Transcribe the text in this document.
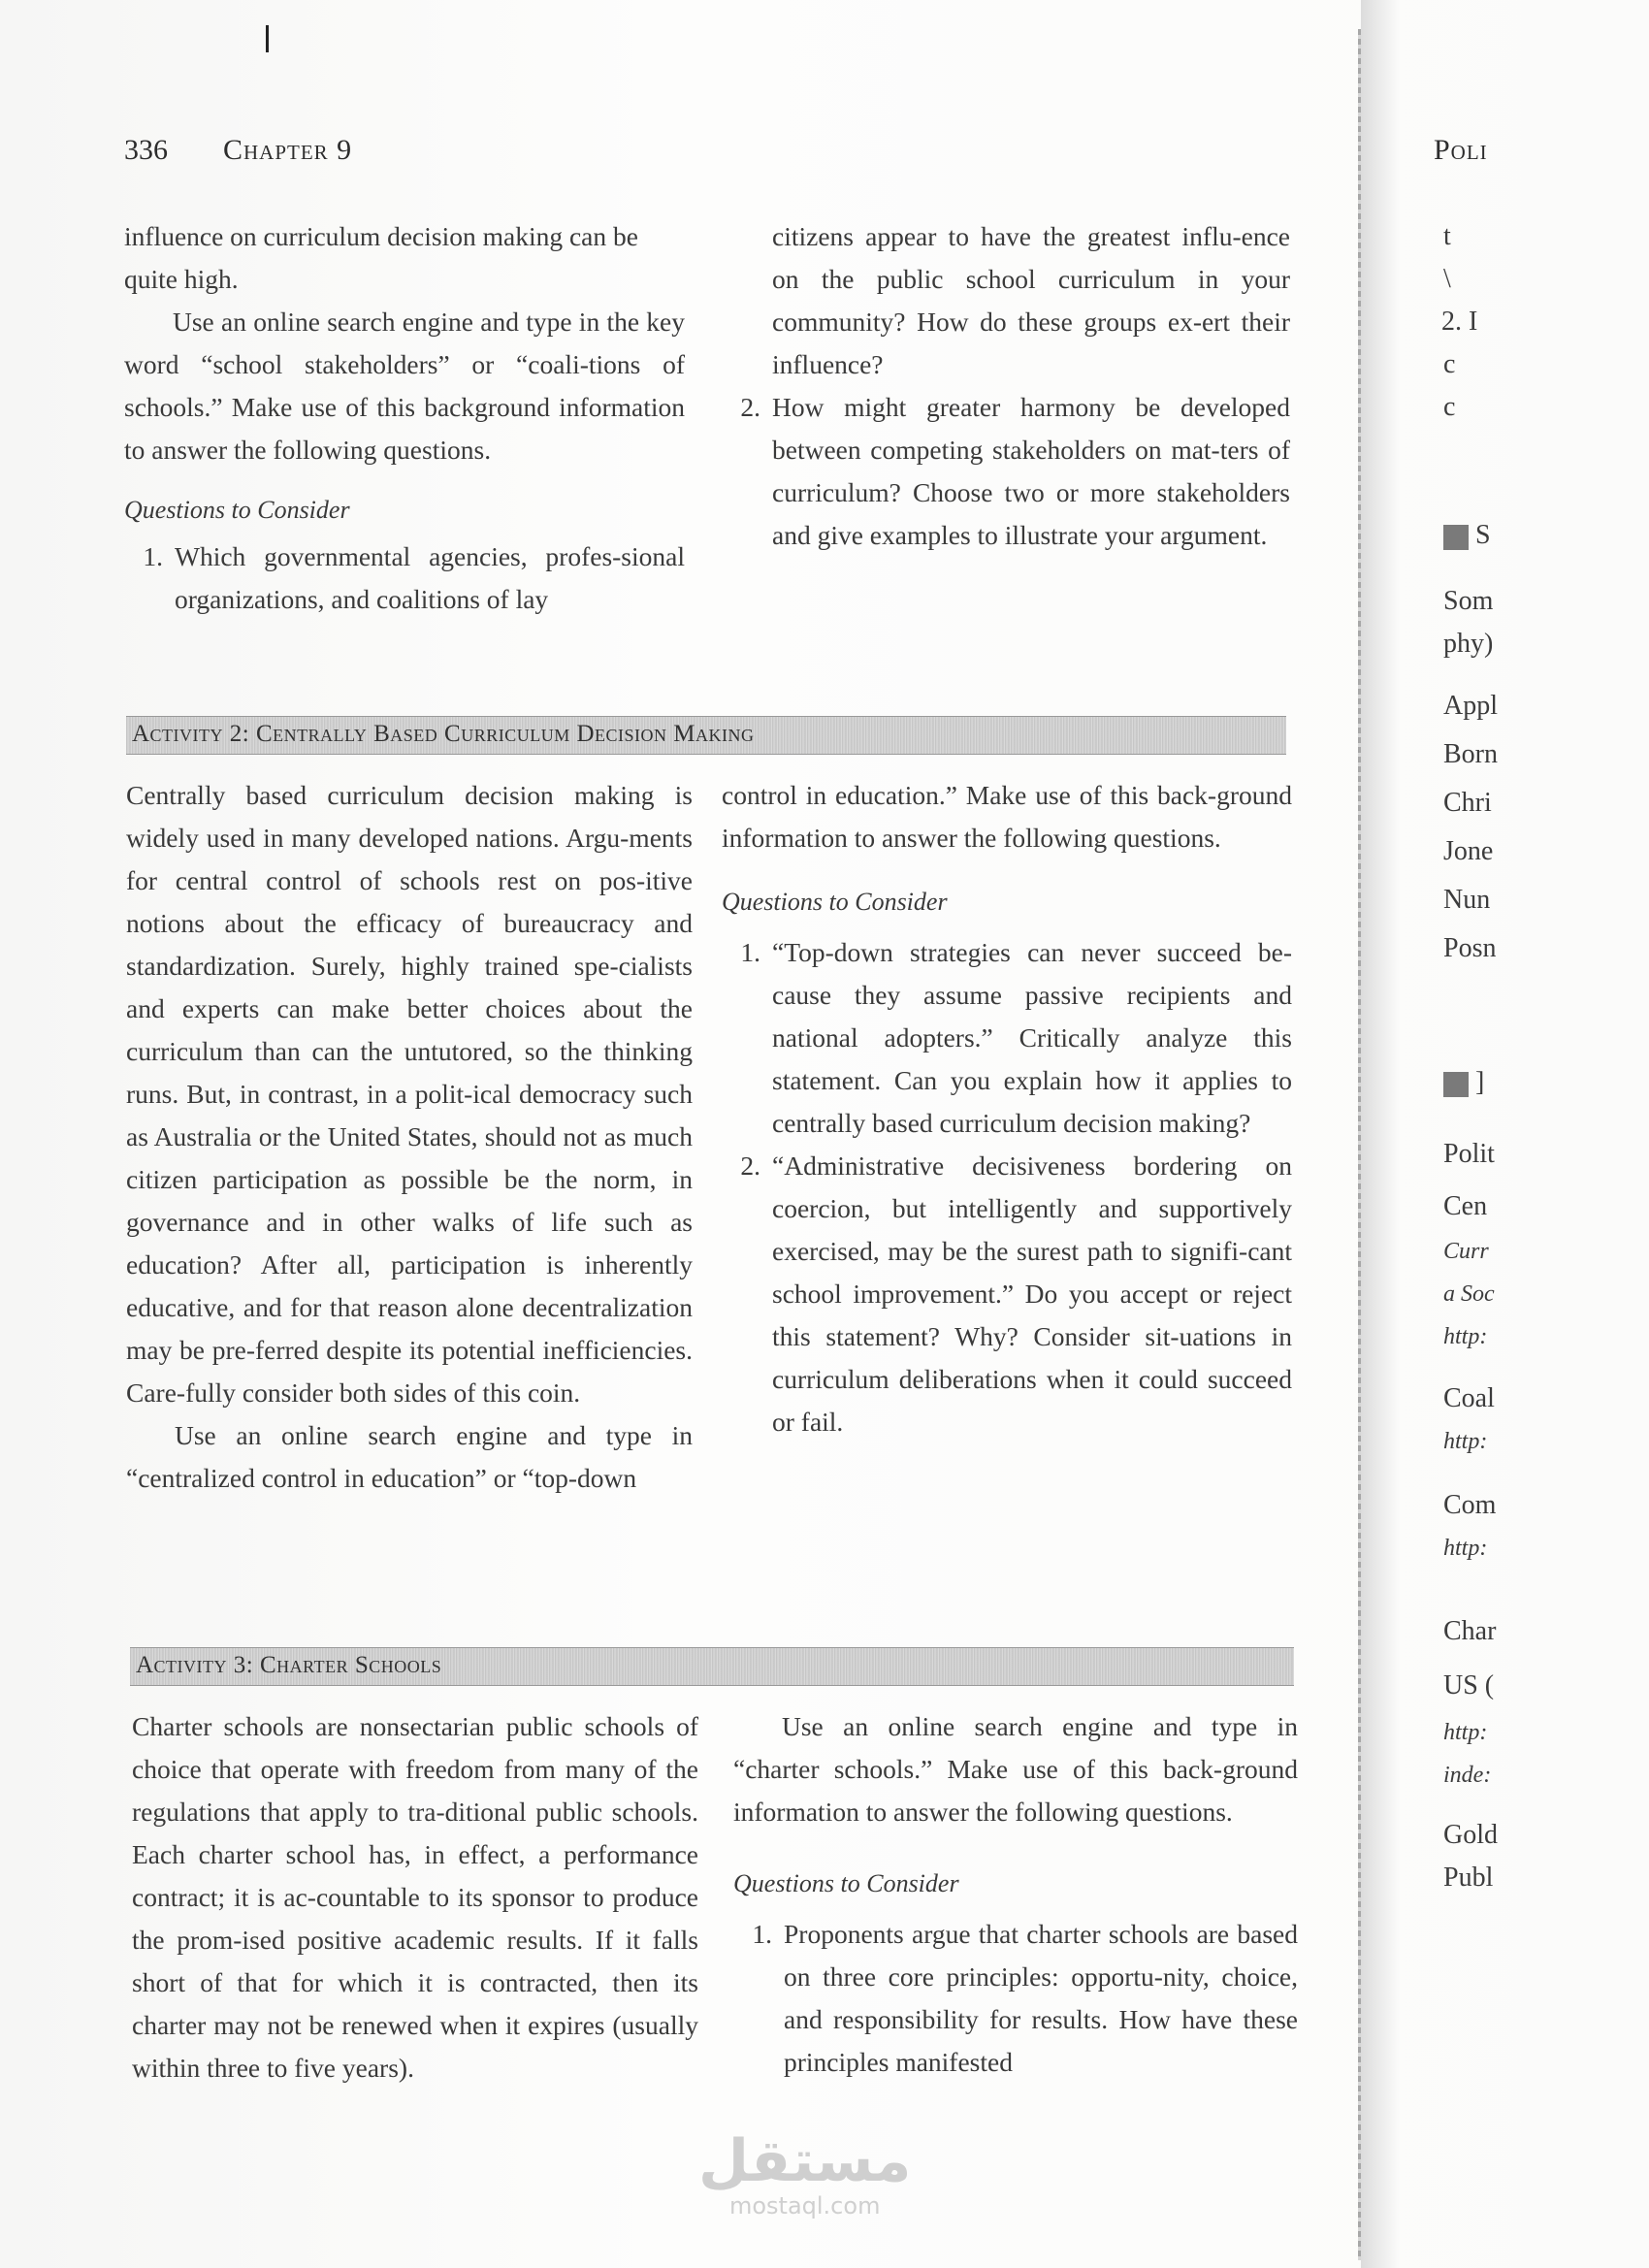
336 Chapter 9	Poli

influence on curriculum decision making can be quite high.

Use an online search engine and type in the key word “school stakeholders” or “coali-tions of schools.” Make use of this background information to answer the following questions.

Questions to Consider

1. Which governmental agencies, profes-sional organizations, and coalitions of lay
citizens appear to have the greatest influ-ence on the public school curriculum in your community? How do these groups ex-ert their influence?
2. How might greater harmony be developed between competing stakeholders on mat-ters of curriculum? Choose two or more stakeholders and give examples to illustrate your argument.
Activity 2: Centrally Based Curriculum Decision Making

Centrally based curriculum decision making is widely used in many developed nations. Argu-ments for central control of schools rest on pos-itive notions about the efficacy of bureaucracy and standardization. Surely, highly trained spe-cialists and experts can make better choices about the curriculum than can the untutored, so the thinking runs. But, in contrast, in a polit-ical democracy such as Australia or the United States, should not as much citizen participation as possible be the norm, in governance and in other walks of life such as education? After all, participation is inherently educative, and for that reason alone decentralization may be pre-ferred despite its potential inefficiencies. Care-fully consider both sides of this coin.

Use an online search engine and type in “centralized control in education” or “top-down

control in education.” Make use of this back-ground information to answer the following questions.

Questions to Consider

1. “Top-down strategies can never succeed be-cause they assume passive recipients and national adopters.” Critically analyze this statement. Can you explain how it applies to centrally based curriculum decision making?
2. “Administrative decisiveness bordering on coercion, but intelligently and supportively exercised, may be the surest path to signifi-cant school improvement.” Do you accept or reject this statement? Why? Consider sit-uations in curriculum deliberations when it could succeed or fail.
Activity 3: Charter Schools

Charter schools are nonsectarian public schools of choice that operate with freedom from many of the regulations that apply to tra-ditional public schools. Each charter school has, in effect, a performance contract; it is ac-countable to its sponsor to produce the prom-ised positive academic results. If it falls short of that for which it is contracted, then its charter may not be renewed when it expires (usually within three to five years).

Use an online search engine and type in “charter schools.” Make use of this back-ground information to answer the following questions.

Questions to Consider

1. Proponents argue that charter schools are based on three core principles: opportu-nity, choice, and responsibility for results. How have these principles manifested
t
\
2. I
c
c
S
Som
phy)
Appl
Born
Chri
Jone
Nun
Posn
]
Polit
Cen
Curr
a Soc
http:
Coal
http:
Com
http:
Char
US (
http:
inde:
Gold
Publ
مستقل
mostaql.com
